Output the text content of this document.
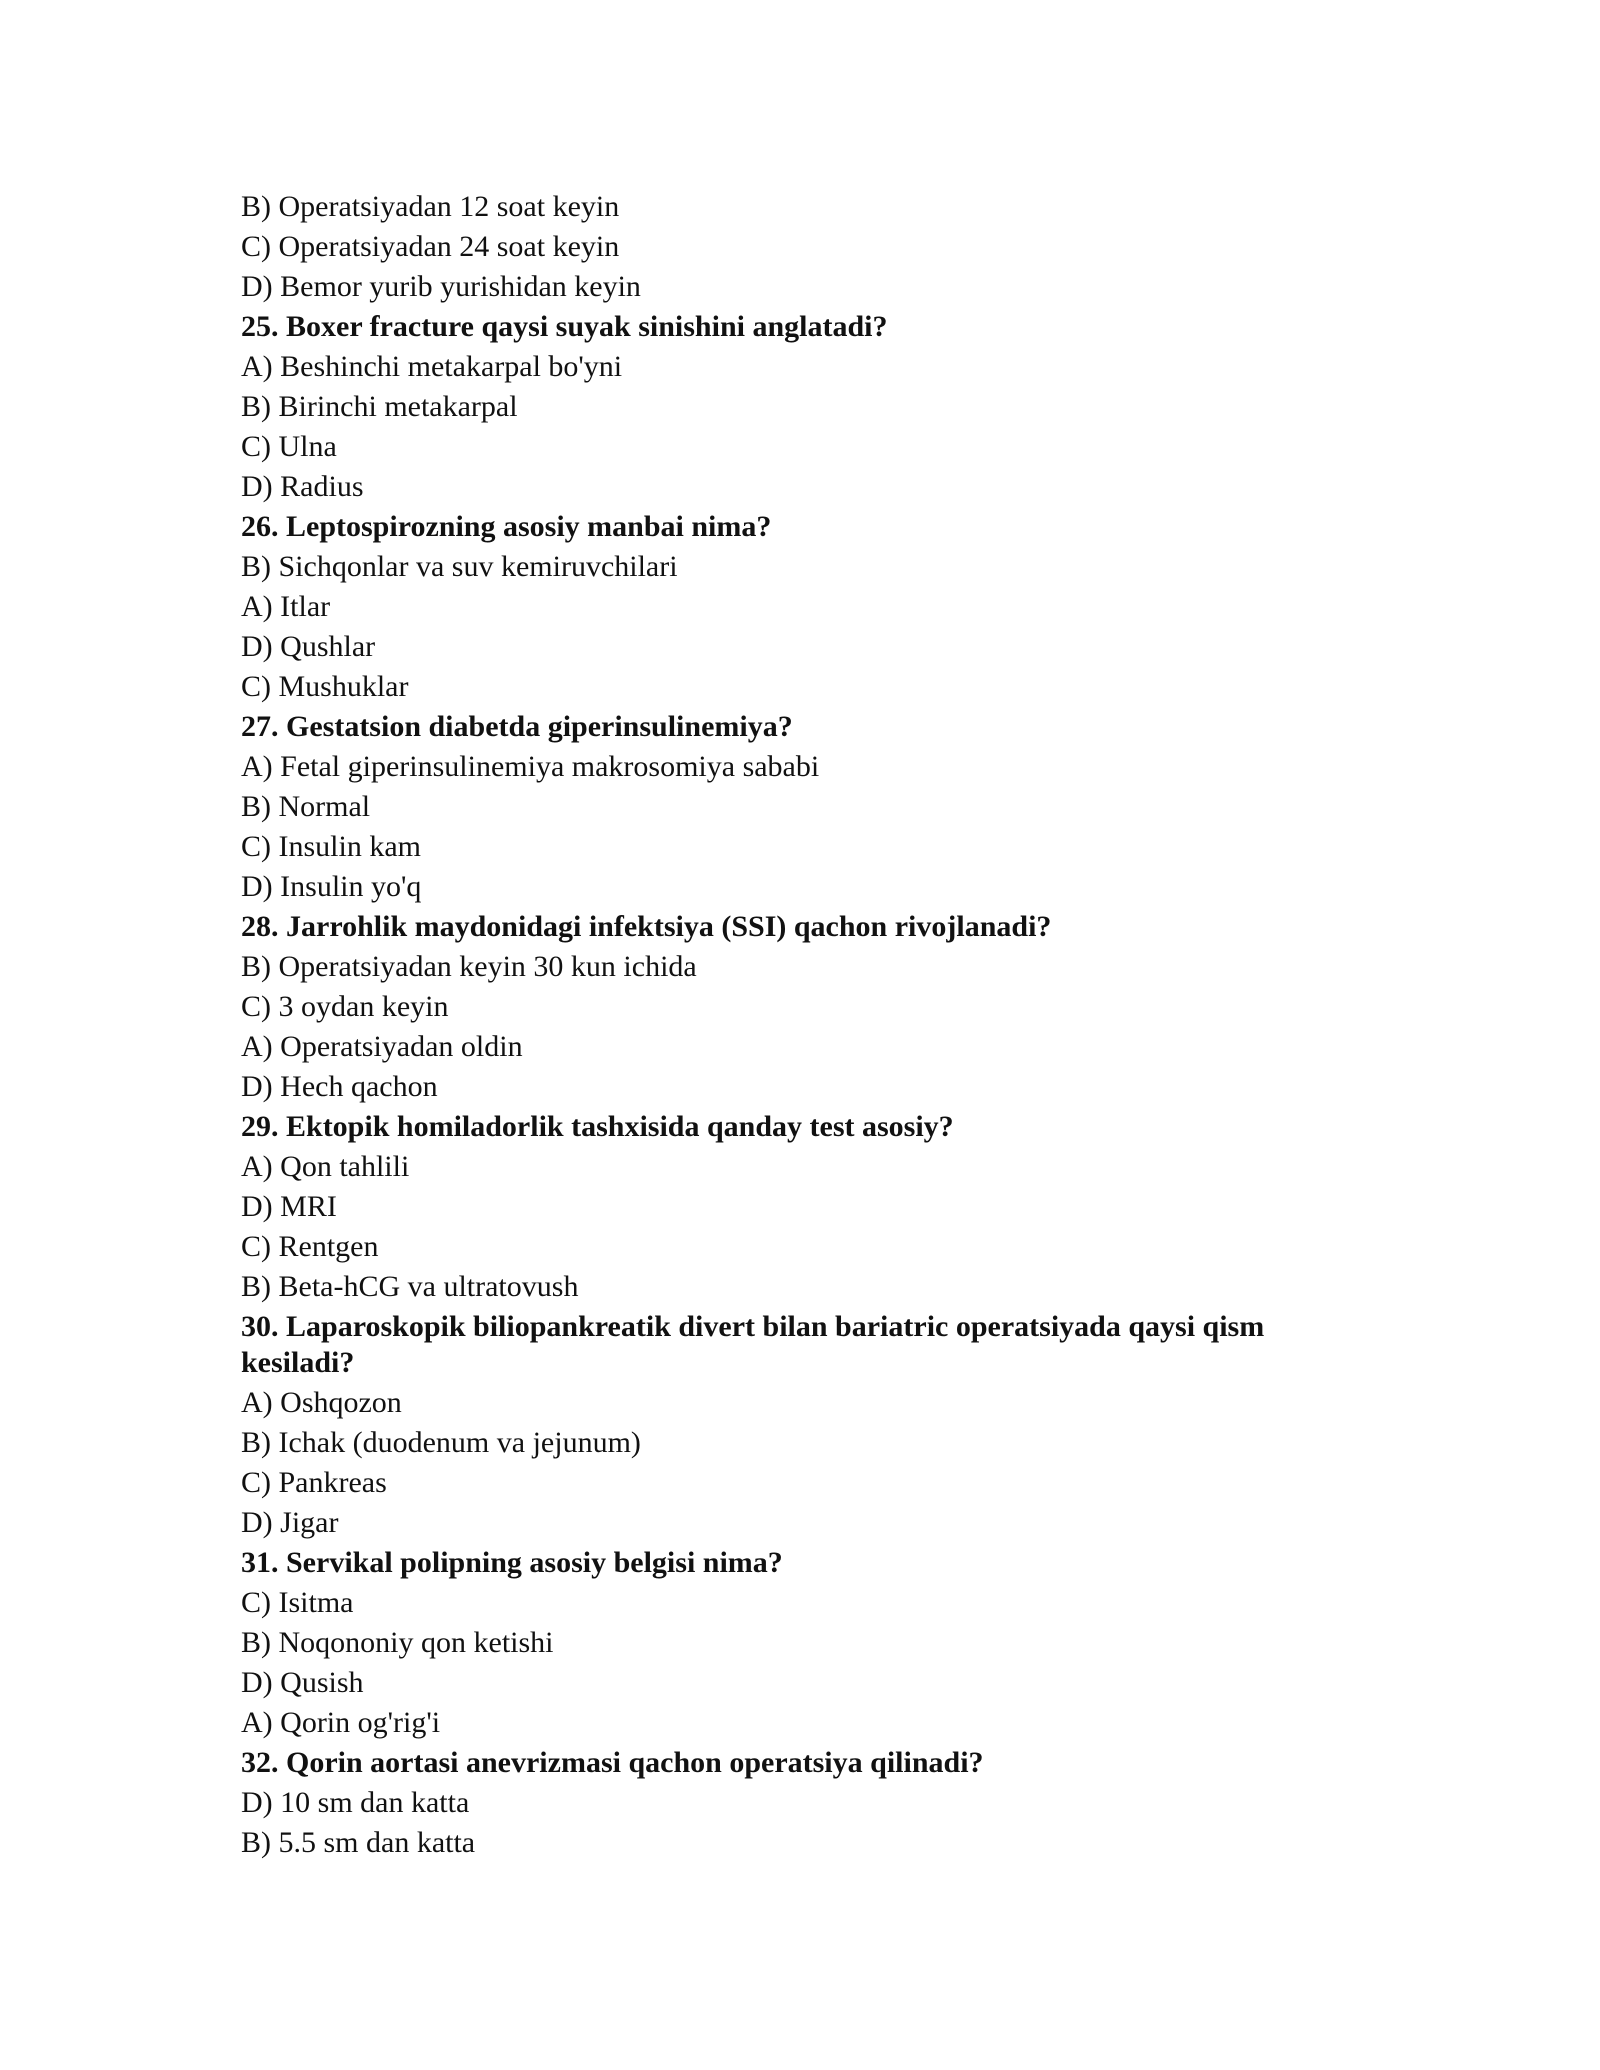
B) Operatsiyadan 12 soat keyin
C) Operatsiyadan 24 soat keyin
D) Bemor yurib yurishidan keyin
25. Boxer fracture qaysi suyak sinishini anglatadi?
A) Beshinchi metakarpal bo'yni
B) Birinchi metakarpal
C) Ulna
D) Radius
26. Leptospirozning asosiy manbai nima?
B) Sichqonlar va suv kemiruvchilari
A) Itlar
D) Qushlar
C) Mushuklar
27. Gestatsion diabetda giperinsulinemiya?
A) Fetal giperinsulinemiya makrosomiya sababi
B) Normal
C) Insulin kam
D) Insulin yo'q
28. Jarrohlik maydonidagi infektsiya (SSI) qachon rivojlanadi?
B) Operatsiyadan keyin 30 kun ichida
C) 3 oydan keyin
A) Operatsiyadan oldin
D) Hech qachon
29. Ektopik homiladorlik tashxisida qanday test asosiy?
A) Qon tahlili
D) MRI
C) Rentgen
B) Beta-hCG va ultratovush
30. Laparoskopik biliopankreatik divert bilan bariatric operatsiyada qaysi qism kesiladi?
A) Oshqozon
B) Ichak (duodenum va jejunum)
C) Pankreas
D) Jigar
31. Servikal polipning asosiy belgisi nima?
C) Isitma
B) Noqononiy qon ketishi
D) Qusish
A) Qorin og'rig'i
32. Qorin aortasi anevrizmasi qachon operatsiya qilinadi?
D) 10 sm dan katta
B) 5.5 sm dan katta
